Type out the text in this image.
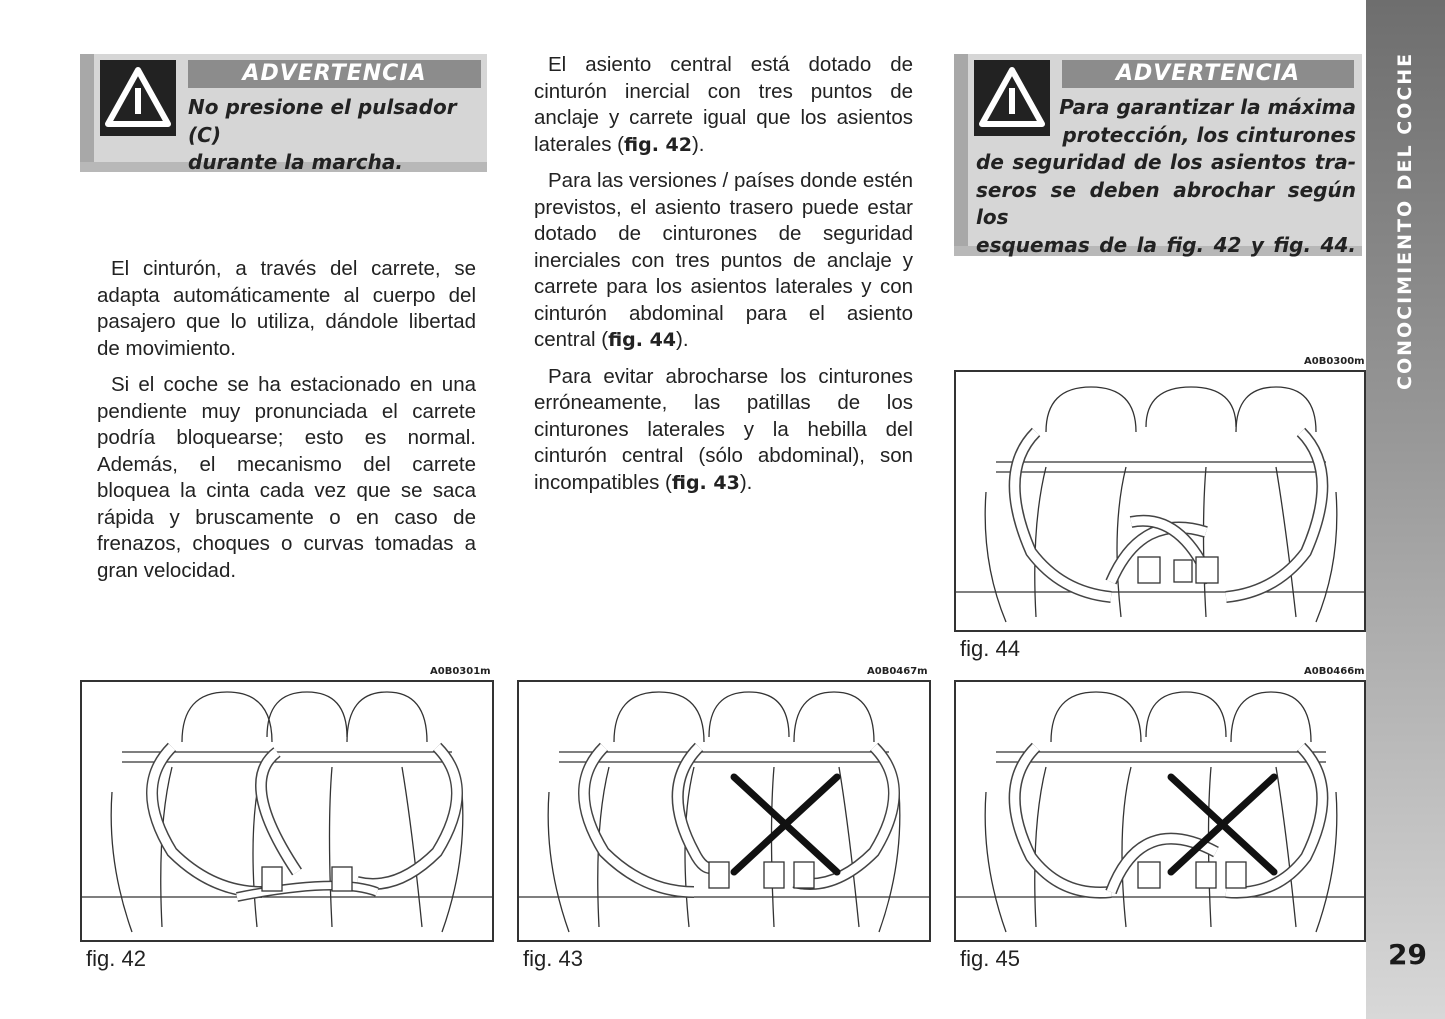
ADVERTENCIA
No presione el pulsador (C)
durante la marcha.
ADVERTENCIA
Para garantizar la máxima
protección, los cinturones
de seguridad de los asientos tra-
seros se deben abrochar según los
esquemas de la fig. 42 y fig. 44.

El cinturón, a través del carrete, se adapta automáticamente al cuerpo del pasajero que lo utiliza, dándole libertad de movimiento.

Si el coche se ha estacionado en una pendiente muy pronunciada el carrete podría bloquearse; esto es normal. Además, el mecanismo del carrete bloquea la cinta cada vez que se saca rápida y bruscamente o en caso de frenazos, choques o curvas tomadas a gran velocidad.

El asiento central está dotado de cinturón inercial con tres puntos de anclaje y carrete igual que los asientos laterales (fig. 42).

Para las versiones / países donde estén previstos, el asiento trasero puede estar dotado de cinturones de seguridad inerciales con tres puntos de anclaje y carrete para los asientos laterales y con cinturón abdominal para el asiento central (fig. 44).

Para evitar abrocharse los cinturones erróneamente, las patillas de los cinturones laterales y la hebilla del cinturón central (sólo abdominal), son incompatibles (fig. 43).

A0B0300m
fig. 44
A0B0301m
fig. 42
A0B0467m
fig. 43
A0B0466m
fig. 45
CONOCIMIENTO DEL COCHE
29
